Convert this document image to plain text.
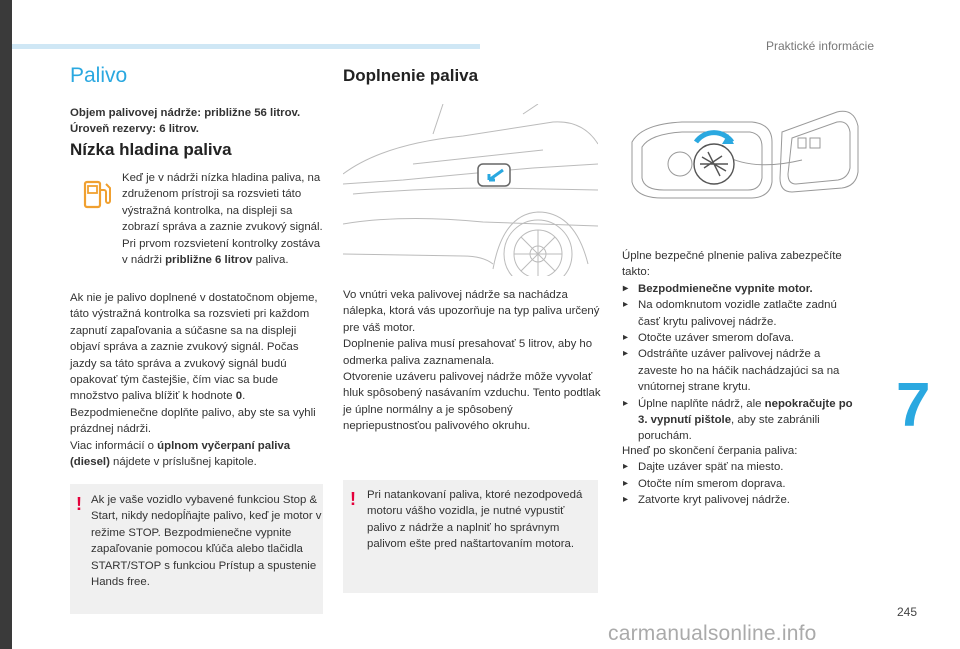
Praktické informácie
7
245
carmanualsonline.info
Palivo
Objem palivovej nádrže: približne 56 litrov.
Úroveň rezervy: 6 litrov.
Nízka hladina paliva
Keď je v nádrži nízka hladina paliva, na združenom prístroji sa rozsvieti táto výstražná kontrolka, na displeji sa zobrazí správa a zaznie zvukový signál. Pri prvom rozsvietení kontrolky zostáva v nádrži približne 6 litrov paliva.
Ak nie je palivo doplnené v dostatočnom objeme, táto výstražná kontrolka sa rozsvieti pri každom zapnutí zapaľovania a súčasne sa na displeji objaví správa a zaznie zvukový signál. Počas jazdy sa táto správa a zvukový signál budú opakovať tým častejšie, čím viac sa bude množstvo paliva blížiť k hodnote 0.
Bezpodmienečne doplňte palivo, aby ste sa vyhli prázdnej nádrži.
Viac informácií o úplnom vyčerpaní paliva (diesel) nájdete v príslušnej kapitole.
! Ak je vaše vozidlo vybavené funkciou Stop & Start, nikdy nedopĺňajte palivo, keď je motor v režime STOP. Bezpodmienečne vypnite zapaľovanie pomocou kľúča alebo tlačidla START/STOP s funkciou Prístup a spustenie Hands free.
Doplnenie paliva
Vo vnútri veka palivovej nádrže sa nachádza nálepka, ktorá vás upozorňuje na typ paliva určený pre váš motor.
Doplnenie paliva musí presahovať 5 litrov, aby ho odmerka paliva zaznamenala.
Otvorenie uzáveru palivovej nádrže môže vyvolať hluk spôsobený nasávaním vzduchu. Tento podtlak je úplne normálny a je spôsobený nepriepustnosťou palivového okruhu.
! Pri natankovaní paliva, ktoré nezodpovedá motoru vášho vozidla, je nutné vypustiť palivo z nádrže a naplniť ho správnym palivom ešte pred naštartovaním motora.
Úplne bezpečné plnenie paliva zabezpečíte takto:
▸ Bezpodmienečne vypnite motor.
▸ Na odomknutom vozidle zatlačte zadnú časť krytu palivovej nádrže.
▸ Otočte uzáver smerom doľava.
▸ Odstráňte uzáver palivovej nádrže a zaveste ho na háčik nachádzajúci sa na vnútornej strane krytu.
▸ Úplne naplňte nádrž, ale nepokračujte po 3. vypnutí pištole, aby ste zabránili poruchám.
Hneď po skončení čerpania paliva:
▸ Dajte uzáver späť na miesto.
▸ Otočte ním smerom doprava.
▸ Zatvorte kryt palivovej nádrže.
